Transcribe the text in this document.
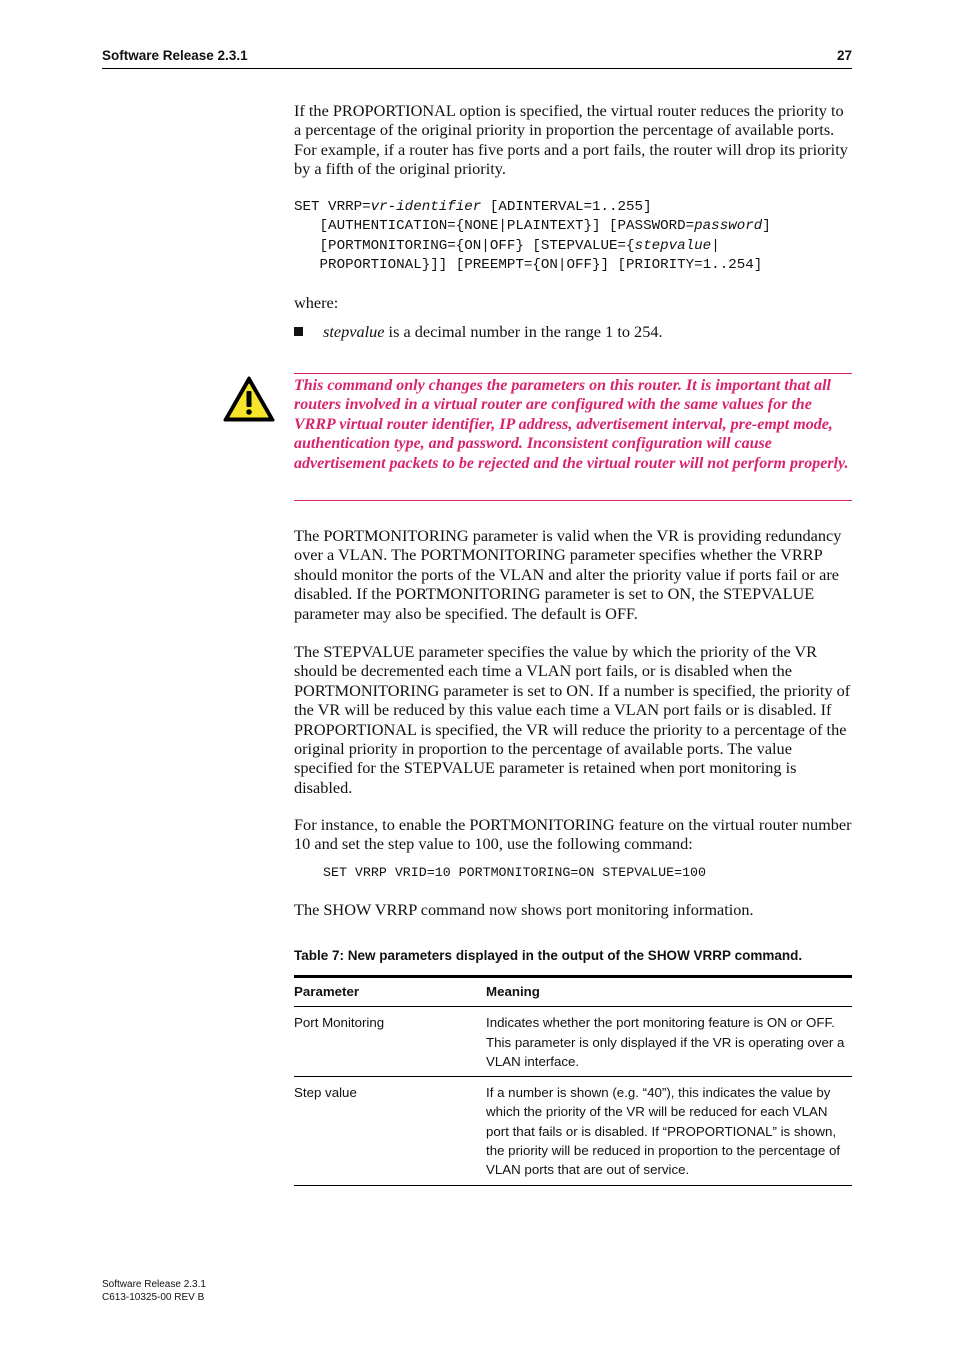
Software Release 2.3.1	27

If the PROPORTIONAL option is specified, the virtual router reduces the priority to a percentage of the original priority in proportion the percentage of available ports. For example, if a router has five ports and a port fails, the router will drop its priority by a fifth of the original priority.

SET VRRP=vr-identifier [ADINTERVAL=1..255]
[AUTHENTICATION={NONE|PLAINTEXT}] [PASSWORD=password]
[PORTMONITORING={ON|OFF} [STEPVALUE={stepvalue|
PROPORTIONAL}]] [PREEMPT={ON|OFF}] [PRIORITY=1..254]

where:

stepvalue is a decimal number in the range 1 to 254.

This command only changes the parameters on this router. It is important that all routers involved in a virtual router are configured with the same values for the VRRP virtual router identifier, IP address, advertisement interval, pre-empt mode, authentication type, and password. Inconsistent configuration will cause advertisement packets to be rejected and the virtual router will not perform properly.

The PORTMONITORING parameter is valid when the VR is providing redundancy over a VLAN. The PORTMONITORING parameter specifies whether the VRRP should monitor the ports of the VLAN and alter the priority value if ports fail or are disabled. If the PORTMONITORING parameter is set to ON, the STEPVALUE parameter may also be specified. The default is OFF.

The STEPVALUE parameter specifies the value by which the priority of the VR should be decremented each time a VLAN port fails, or is disabled when the PORTMONITORING parameter is set to ON. If a number is specified, the priority of the VR will be reduced by this value each time a VLAN port fails or is disabled. If PROPORTIONAL is specified, the VR will reduce the priority to a percentage of the original priority in proportion to the percentage of available ports. The value specified for the STEPVALUE parameter is retained when port monitoring is disabled.

For instance, to enable the PORTMONITORING feature on the virtual router number 10 and set the step value to 100, use the following command:

SET VRRP VRID=10 PORTMONITORING=ON STEPVALUE=100

The SHOW VRRP command now shows port monitoring information.

Table 7: New parameters displayed in the output of the SHOW VRRP command.
Parameter	Meaning
Port Monitoring	Indicates whether the port monitoring feature is ON or OFF. This parameter is only displayed if the VR is operating over a VLAN interface.
Step value	If a number is shown (e.g. “40”), this indicates the value by which the priority of the VR will be reduced for each VLAN port that fails or is disabled. If “PROPORTIONAL” is shown, the priority will be reduced in proportion to the percentage of VLAN ports that are out of service.
Software Release 2.3.1
C613-10325-00 REV B
